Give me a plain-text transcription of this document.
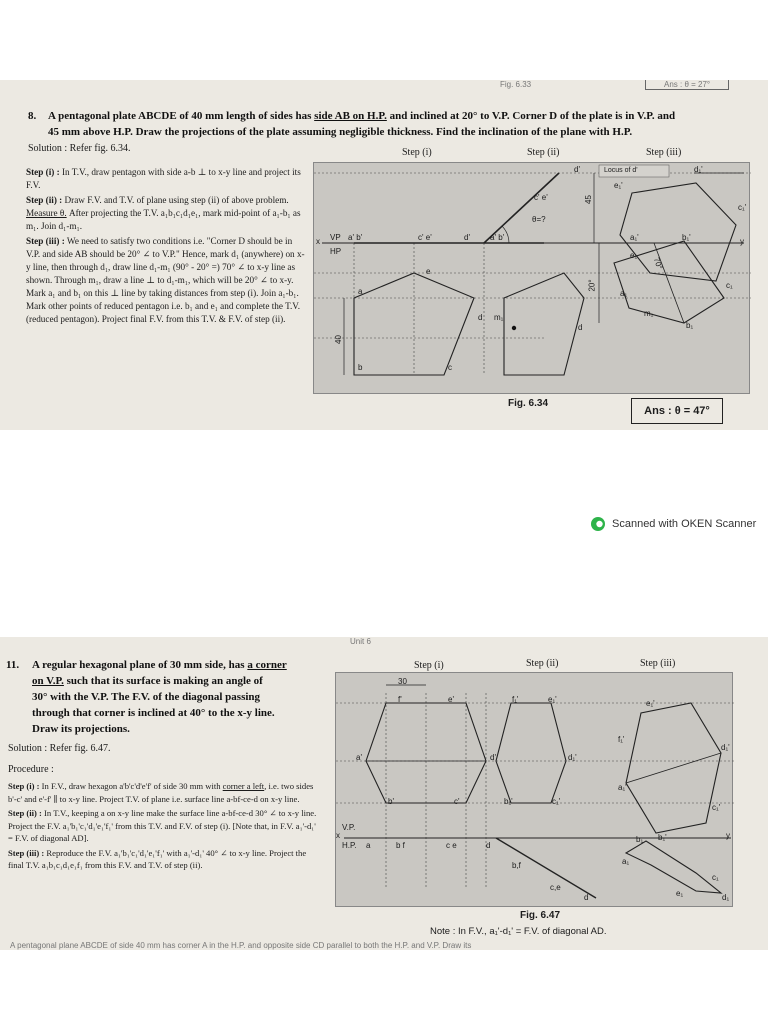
Fig. 6.33	Ans : θ = 27°
8. A pentagonal plate ABCDE of 40 mm length of sides has side AB on H.P. and inclined at 20° to V.P. Corner D of the plate is in V.P. and
45 mm above H.P. Draw the projections of the plate assuming negligible thickness. Find the inclination of the plane with H.P.
Solution : Refer fig. 6.34.	Step (i)	Step (ii)	Step (iii)

Step (i) : In T.V., draw pentagon with side a-b ⊥ to x-y line and project its F.V.

Step (ii) : Draw F.V. and T.V. of plane using step (ii) of above problem. Measure θ. After projecting the T.V. a₁b₁c₁d₁e₁, mark mid-point of a₁-b₁ as m₁. Join d₁-m₁.

Step (iii) : We need to satisfy two conditions i.e. "Corner D should be in V.P. and side AB should be 20° ∠ to V.P." Hence, mark d₁ (anywhere) on x-y line, then through d₁, draw line d₁-m₁ (90° - 20° =) 70° ∠ to x-y line as shown. Through m₁, draw a line ⊥ to d₁-m₁, which will be 20° ∠ to x-y. Mark a₁ and b₁ on this ⊥ line by taking distances from step (i). Join a₁-b₁. Mark other points of reduced pentagon i.e. b₁ and e₁ and complete the T.V. (reduced pentagon). Project final F.V. from this T.V. & F.V. of step (ii).

VP
HP
x	y
a' b'	c' e'	d'	a' b'
c' e'
d'
θ=?
45
40
20°
70°
Locus of d'
e
a
b	c
d m₁
d
d₁'
e₁'
c₁'
a₁'	b₁'
e₁
a₁
m₁
b₁
c₁
Fig. 6.34
Ans : θ = 47°
Scanned with OKEN Scanner
Unit 6
11. A regular hexagonal plane of 30 mm side, has a corner
on V.P. such that its surface is making an angle of
30° with the V.P. The F.V. of the diagonal passing
through that corner is inclined at 40° to the x-y line.
Draw its projections.
Solution : Refer fig. 6.47.
Procedure :
Step (i)	Step (ii)	Step (iii)

Step (i) : In F.V., draw hexagon a'b'c'd'e'f' of side 30 mm with corner a left, i.e. two sides b'-c' and e'-f' ∥ to x-y line. Project T.V. of plane i.e. surface line a-bf-ce-d on x-y line.

Step (ii) : In T.V., keeping a on x-y line make the surface line a-bf-ce-d 30° ∠ to x-y line. Project the F.V. a₁'b₁'c₁'d₁'e₁'f₁' from this T.V. and F.V. of step (i). [Note that, in F.V. a₁'-d₁' = F.V. of diagonal AD].

Step (iii) : Reproduce the F.V. a₁'b₁'c₁'d₁'e₁'f₁' with a₁'-d₁' 40° ∠ to x-y line. Project the final T.V. a₁b₁c₁d₁e₁f₁ from this F.V. and T.V. of step (ii).

30
f'	e'
a'	d'
b'	c'
f₁'	e₁'
d₁'
b₁'	c₁'
e₁'
f₁'
d₁'
c₁'
a₁'
b₁'
V.P.
H.P.
x	y
a	b f	c e	d
b,f
c,e
d
a₁
b₁
e₁	d₁
c₁
Fig. 6.47
Note : In F.V., a₁'-d₁' = F.V. of diagonal AD.
A pentagonal plane ABCDE of side 40 mm has corner A in the H.P. and opposite side CD parallel to both the H.P. and V.P. Draw its
